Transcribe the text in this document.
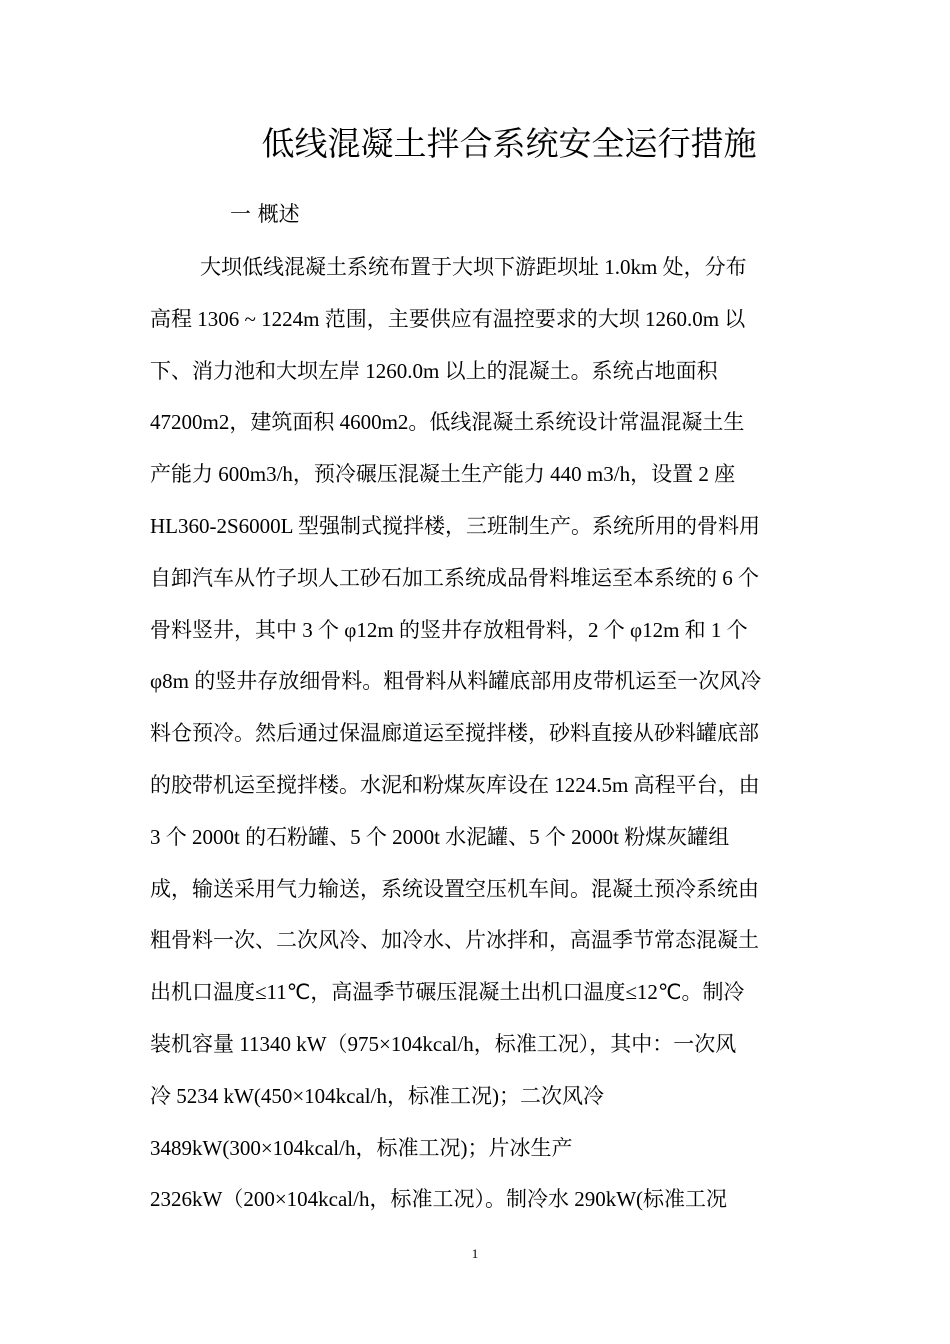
低线混凝土拌合系统安全运行措施
一 概述
大坝低线混凝土系统布置于大坝下游距坝址 1.0km 处，分布
高程 1306 ~ 1224m 范围，主要供应有温控要求的大坝 1260.0m 以
下、消力池和大坝左岸 1260.0m 以上的混凝土。系统占地面积
47200m2，建筑面积 4600m2。低线混凝土系统设计常温混凝土生
产能力 600m3/h，预冷碾压混凝土生产能力 440 m3/h，设置 2 座
HL360-2S6000L 型强制式搅拌楼，三班制生产。系统所用的骨料用
自卸汽车从竹子坝人工砂石加工系统成品骨料堆运至本系统的 6 个
骨料竖井，其中 3 个 φ12m 的竖井存放粗骨料，2 个 φ12m 和 1 个
φ8m 的竖井存放细骨料。粗骨料从料罐底部用皮带机运至一次风冷
料仓预冷。然后通过保温廊道运至搅拌楼，砂料直接从砂料罐底部
的胶带机运至搅拌楼。水泥和粉煤灰库设在 1224.5m 高程平台，由
3 个 2000t 的石粉罐、5 个 2000t 水泥罐、5 个 2000t 粉煤灰罐组
成，输送采用气力输送，系统设置空压机车间。混凝土预冷系统由
粗骨料一次、二次风冷、加冷水、片冰拌和，高温季节常态混凝土
出机口温度≤11℃，高温季节碾压混凝土出机口温度≤12℃。制冷
装机容量 11340 kW（975×104kcal/h，标准工况），其中：一次风
冷 5234 kW(450×104kcal/h，标准工况)；二次风冷
3489kW(300×104kcal/h，标准工况)；片冰生产
2326kW（200×104kcal/h，标准工况）。制冷水 290kW(标准工况
1
